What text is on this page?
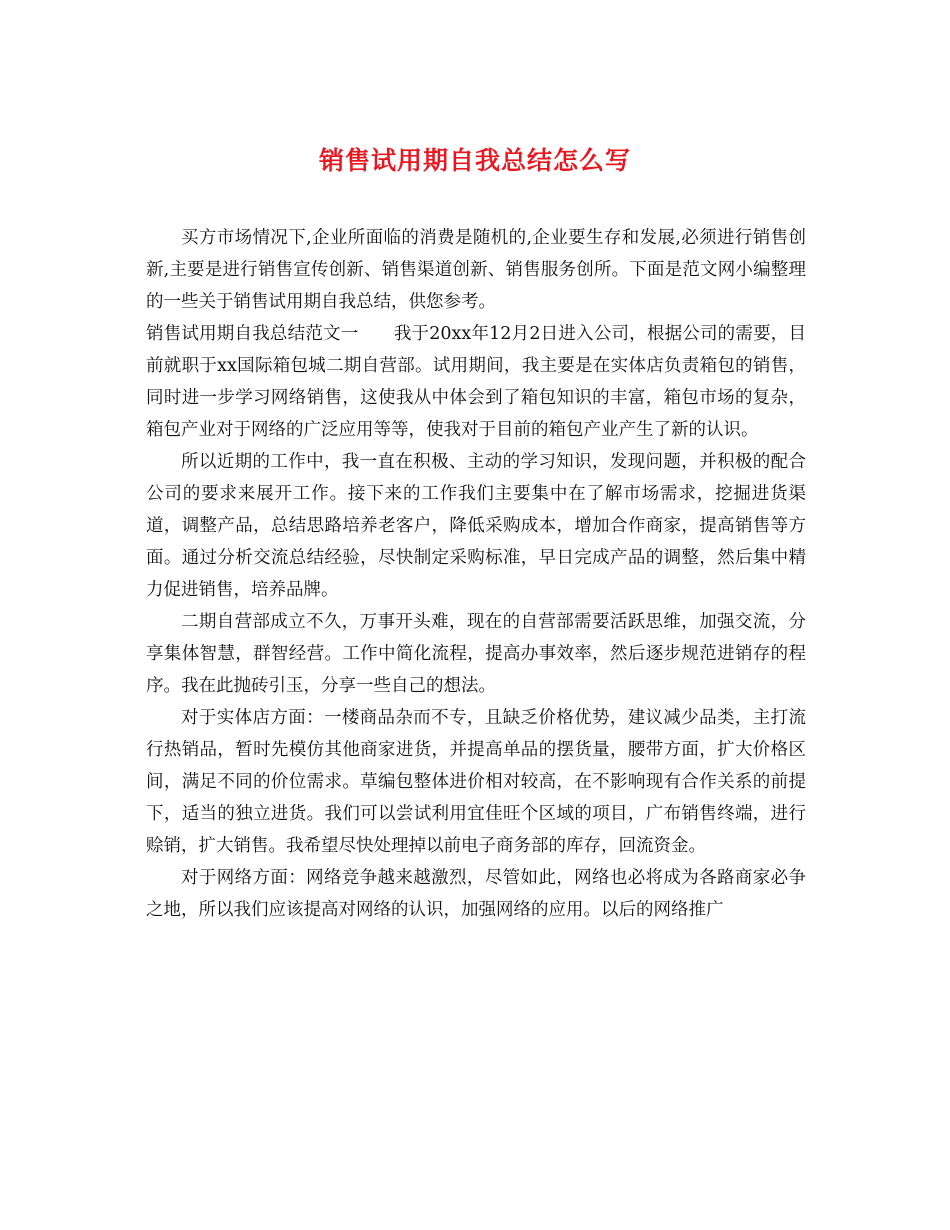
销售试用期自我总结怎么写

买方市场情况下,企业所面临的消费是随机的,企业要生存和发展,必须进行销售创新,主要是进行销售宣传创新、销售渠道创新、销售服务创所。下面是范文网小编整理的一些关于销售试用期自我总结，供您参考。

销售试用期自我总结范文一　　我于20xx年12月2日进入公司，根据公司的需要，目前就职于xx国际箱包城二期自营部。试用期间，我主要是在实体店负责箱包的销售，同时进一步学习网络销售，这使我从中体会到了箱包知识的丰富，箱包市场的复杂，箱包产业对于网络的广泛应用等等，使我对于目前的箱包产业产生了新的认识。

所以近期的工作中，我一直在积极、主动的学习知识，发现问题，并积极的配合公司的要求来展开工作。接下来的工作我们主要集中在了解市场需求，挖掘进货渠道，调整产品，总结思路培养老客户，降低采购成本，增加合作商家，提高销售等方面。通过分析交流总结经验，尽快制定采购标准，早日完成产品的调整，然后集中精力促进销售，培养品牌。

二期自营部成立不久，万事开头难，现在的自营部需要活跃思维，加强交流，分享集体智慧，群智经营。工作中简化流程，提高办事效率，然后逐步规范进销存的程序。我在此抛砖引玉，分享一些自己的想法。

对于实体店方面：一楼商品杂而不专，且缺乏价格优势，建议减少品类，主打流行热销品，暂时先模仿其他商家进货，并提高单品的摆货量，腰带方面，扩大价格区间，满足不同的价位需求。草编包整体进价相对较高，在不影响现有合作关系的前提下，适当的独立进货。我们可以尝试利用宜佳旺个区域的项目，广布销售终端，进行赊销，扩大销售。我希望尽快处理掉以前电子商务部的库存，回流资金。

对于网络方面：网络竞争越来越激烈，尽管如此，网络也必将成为各路商家必争之地，所以我们应该提高对网络的认识，加强网络的应用。以后的网络推广
